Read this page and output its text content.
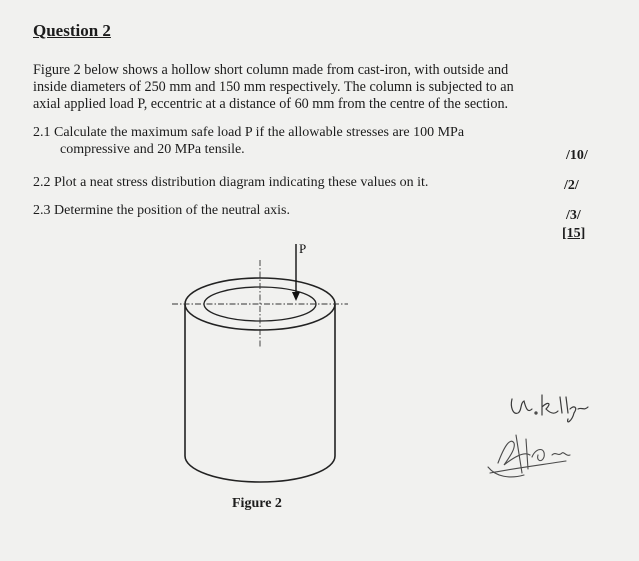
Question 2
Figure 2 below shows a hollow short column made from cast-iron, with outside and
inside diameters of 250 mm and 150 mm respectively. The column is subjected to an
axial applied load P, eccentric at a distance of 60 mm from the centre of the section.
2.1 Calculate the maximum safe load P if the allowable stresses are 100 MPa
compressive and 20 MPa tensile.	/10/
2.2 Plot a neat stress distribution diagram indicating these values on it.	/2/
2.3 Determine the position of the neutral axis.	/3/
[15]
P
Figure 2
